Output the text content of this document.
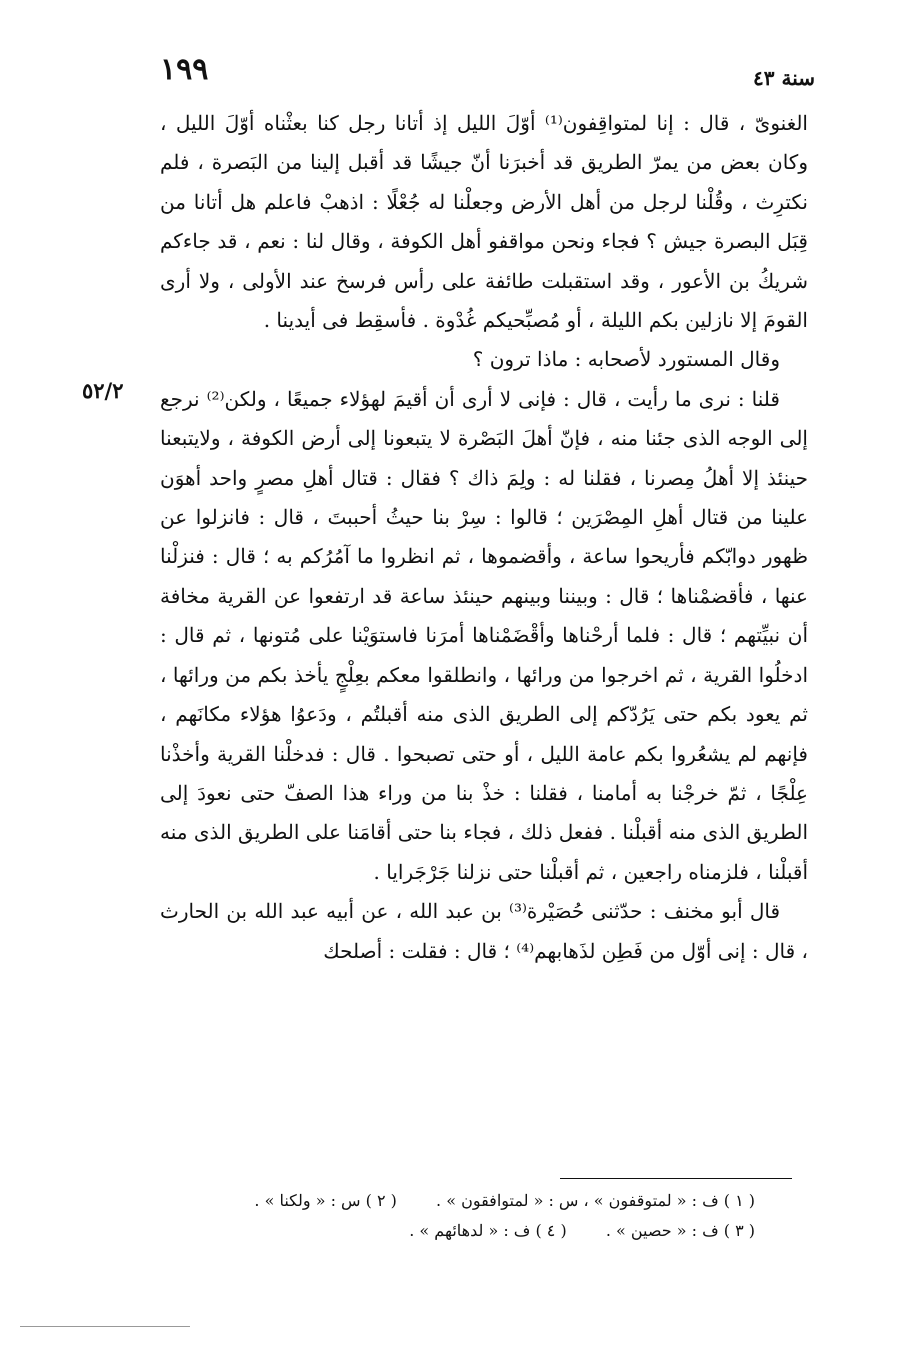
١٩٩	سنة ٤٣
٥٢/٢

الغنوىّ ، قال : إنا لمتواقِفون⁽¹⁾ أوّلَ الليل إذ أتانا رجل كنا بعثْناه أوّلَ الليل ، وكان بعض من يمرّ الطريق قد أخبرَنا أنّ جيشًا قد أقبل إلينا من البَصرة ، فلم نكترِث ، وقُلْنا لرجل من أهل الأرض وجعلْنا له جُعْلًا : اذهبْ فاعلم هل أتانا من قِبَل البصرة جيش ؟ فجاء ونحن مواقفو أهل الكوفة ، وقال لنا : نعم ، قد جاءكم شريكُ بن الأعور ، وقد استقبلت طائفة على رأس فرسخ عند الأولى ، ولا أرى القومَ إلا نازلين بكم الليلة ، أو مُصبِّحيكم غُدْوة . فأسقِط فى أيدينا .

وقال المستورد لأصحابه : ماذا ترون ؟

قلنا : نرى ما رأيت ، قال : فإنى لا أرى أن أقيمَ لهؤلاء جميعًا ، ولكن⁽²⁾ نرجع إلى الوجه الذى جئنا منه ، فإنّ أهلَ البَصْرة لا يتبعونا إلى أرض الكوفة ، ولايتبعنا حينئذ إلا أهلُ مِصرنا ، فقلنا له : ولِمَ ذاك ؟ فقال : قتال أهلِ مصرٍ واحد أهوَن علينا من قتال أهلِ المِصْرَين ؛ قالوا : سِرْ بنا حيثُ أحببتَ ، قال : فانزلوا عن ظهور دوابّكم فأريحوا ساعة ، وأقضموها ، ثم انظروا ما آمُرُكم به ؛ قال : فنزلْنا عنها ، فأقضمْناها ؛ قال : وبيننا وبينهم حينئذ ساعة قد ارتفعوا عن القرية مخافة أن نبيِّتهم ؛ قال : فلما أرحْناها وأقْضَمْناها أمرَنا فاستوَيْنا على مُتونها ، ثم قال : ادخلُوا القرية ، ثم اخرجوا من ورائها ، وانطلقوا معكم بعِلْجٍ يأخذ بكم من ورائها ، ثم يعود بكم حتى يَرُدّكم إلى الطريق الذى منه أقبلتُم ، ودَعوُا هؤلاء مكانَهم ، فإنهم لم يشعُروا بكم عامة الليل ، أو حتى تصبحوا . قال : فدخلْنا القرية وأخذْنا عِلْجًا ، ثمّ خرجْنا به أمامنا ، فقلنا : خذْ بنا من وراء هذا الصفّ حتى نعودَ إلى الطريق الذى منه أقبلْنا . ففعل ذلك ، فجاء بنا حتى أقامَنا على الطريق الذى منه أقبلْنا ، فلزمناه راجعين ، ثم أقبلْنا حتى نزلنا جَرْجَرايا .

قال أبو مخنف : حدّثنى حُصَيْرة⁽³⁾ بن عبد الله ، عن أبيه عبد الله بن الحارث ، قال : إنى أوّل من فَطِن لذَهابهم⁽⁴⁾ ؛ قال : فقلت : أصلحك

( ١ ) ف : « لمتوقفون » ، س : « لمتوافقون » . ( ٢ ) س : « ولكنا » .
( ٣ ) ف : « حصين » . ( ٤ ) ف : « لدهائهم » .
